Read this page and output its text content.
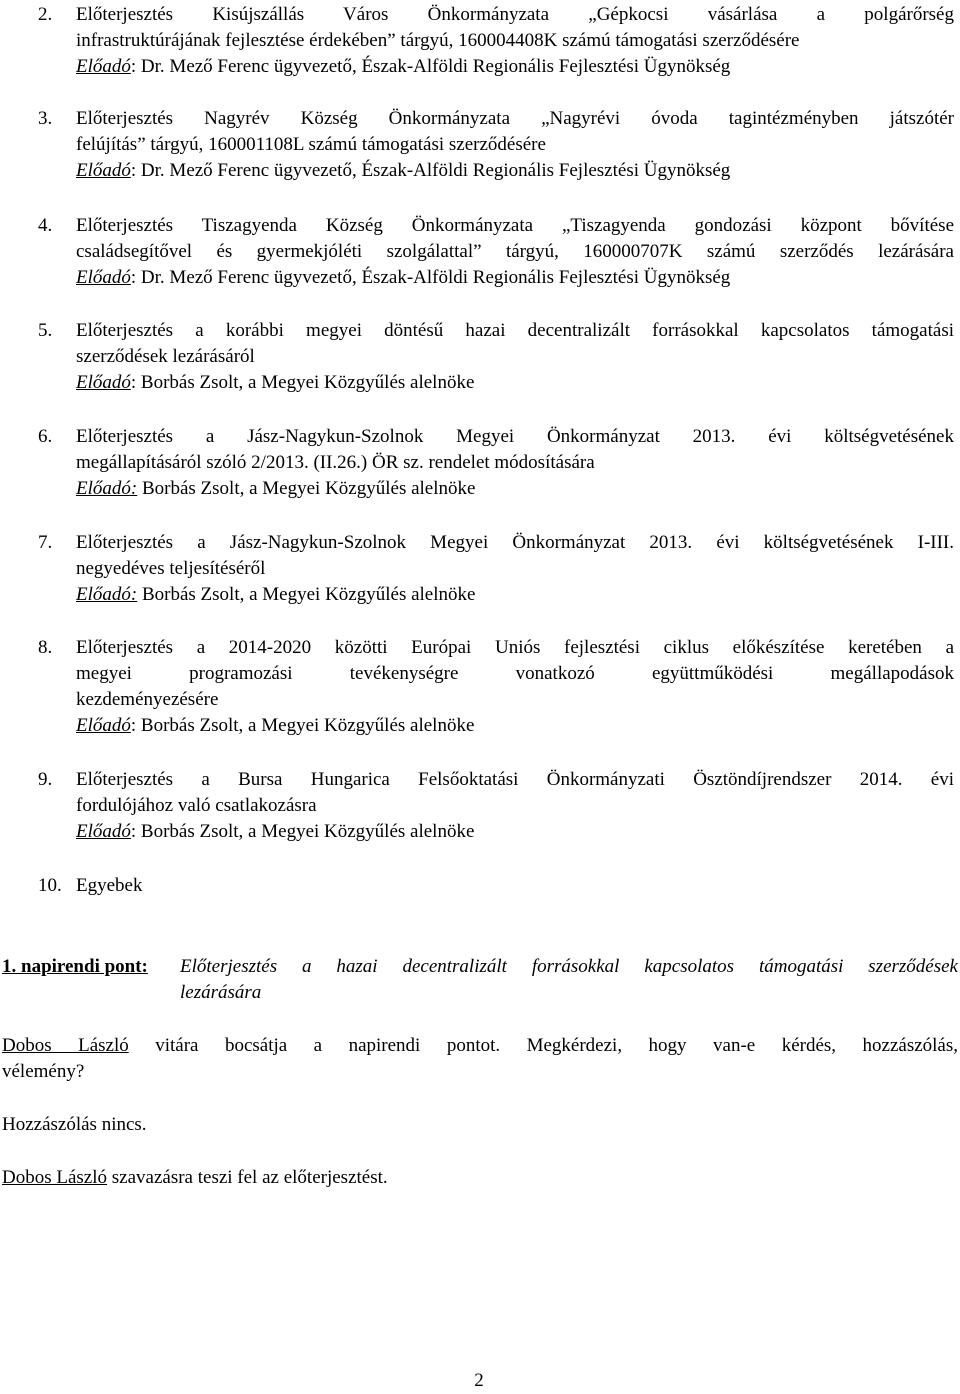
2. Előterjesztés Kisújszállás Város Önkormányzata „Gépkocsi vásárlása a polgárőrség
infrastruktúrájának fejlesztése érdekében” tárgyú, 160004408K számú támogatási szerződésére
Előadó: Dr. Mező Ferenc ügyvezető, Észak-Alföldi Regionális Fejlesztési Ügynökség
3. Előterjesztés Nagyrév Község Önkormányzata „Nagyrévi óvoda tagintézményben játszótér
felújítás” tárgyú, 160001108L számú támogatási szerződésére
Előadó: Dr. Mező Ferenc ügyvezető, Észak-Alföldi Regionális Fejlesztési Ügynökség
4. Előterjesztés Tiszagyenda Község Önkormányzata „Tiszagyenda gondozási központ bővítése
családsegítővel és gyermekjóléti szolgálattal” tárgyú, 160000707K számú szerződés lezárására
Előadó: Dr. Mező Ferenc ügyvezető, Észak-Alföldi Regionális Fejlesztési Ügynökség
5. Előterjesztés a korábbi megyei döntésű hazai decentralizált forrásokkal kapcsolatos támogatási
szerződések lezárásáról
Előadó: Borbás Zsolt, a Megyei Közgyűlés alelnöke
6. Előterjesztés a Jász-Nagykun-Szolnok Megyei Önkormányzat 2013. évi költségvetésének
megállapításáról szóló 2/2013. (II.26.) ÖR sz. rendelet módosítására
Előadó: Borbás Zsolt, a Megyei Közgyűlés alelnöke
7. Előterjesztés a Jász-Nagykun-Szolnok Megyei Önkormányzat 2013. évi költségvetésének I-III.
negyedéves teljesítéséről
Előadó: Borbás Zsolt, a Megyei Közgyűlés alelnöke
8. Előterjesztés a 2014-2020 közötti Európai Uniós fejlesztési ciklus előkészítése keretében a
megyei programozási tevékenységre vonatkozó együttműködési megállapodások
kezdeményezésére
Előadó: Borbás Zsolt, a Megyei Közgyűlés alelnöke
9. Előterjesztés a Bursa Hungarica Felsőoktatási Önkormányzati Ösztöndíjrendszer 2014. évi
fordulójához való csatlakozásra
Előadó: Borbás Zsolt, a Megyei Közgyűlés alelnöke
10. Egyebek
1. napirendi pont: Előterjesztés a hazai decentralizált forrásokkal kapcsolatos támogatási szerződések
lezárására
Dobos László vitára bocsátja a napirendi pontot. Megkérdezi, hogy van-e kérdés, hozzászólás,
vélemény?
Hozzászólás nincs.
Dobos László szavazásra teszi fel az előterjesztést.
2
